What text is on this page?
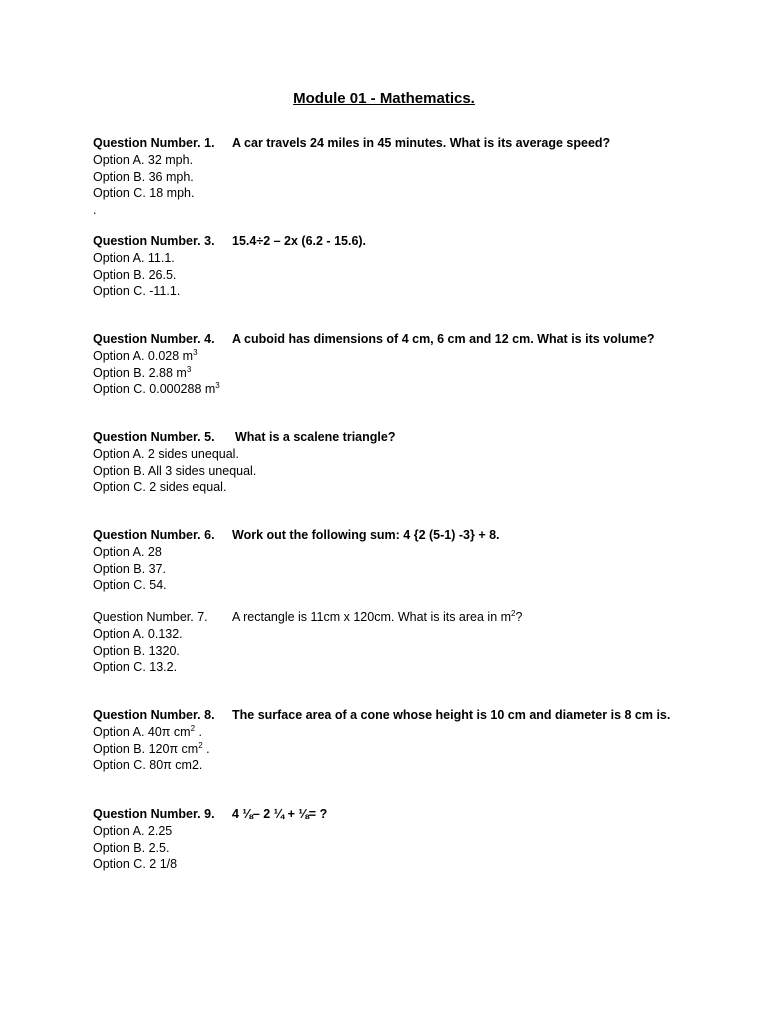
Module 01 - Mathematics.
Question Number. 1. A car travels 24 miles in 45 minutes. What is its average speed?
Option A. 32 mph.
Option B. 36 mph.
Option C. 18 mph.
.
Question Number. 3. 15.4÷2 – 2x (6.2 - 15.6).
Option A. 11.1.
Option B. 26.5.
Option C. -11.1.
Question Number. 4. A cuboid has dimensions of 4 cm, 6 cm and 12 cm. What is its volume?
Option A. 0.028 $m^3$
Option B. 2.88 $m^3$
Option C. 0.000288 $m^3$
Question Number. 5. What is a scalene triangle?
Option A. 2 sides unequal.
Option B. All 3 sides unequal.
Option C. 2 sides equal.
Question Number. 6. Work out the following sum: 4 {2 (5-1) -3} + 8.
Option A. 28
Option B. 37.
Option C. 54.
Question Number. 7. A rectangle is 11cm x 120cm. What is its area in $m^2$?
Option A. 0.132.
Option B. 1320.
Option C. 13.2.
Question Number. 8. The surface area of a cone whose height is 10 cm and diameter is 8 cm is.
Option A. 40π $cm^2$ .
Option B. 120π $cm^2$ .
Option C. 80π cm2.
Question Number. 9. 4 ⅛– 2 ¼ + ⅛= ?
Option A. 2.25
Option B. 2.5.
Option C. 2 1/8
